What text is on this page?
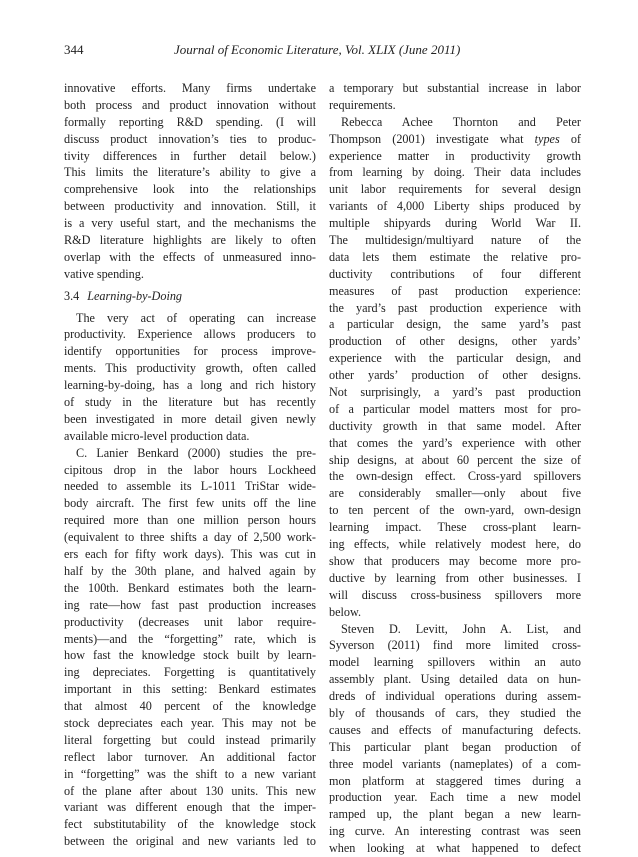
344	Journal of Economic Literature, Vol. XLIX (June 2011)
innovative efforts. Many firms undertake
both process and product innovation without
formally reporting R&D spending. (I will
discuss product innovation’s ties to produc-
tivity differences in further detail below.)
This limits the literature’s ability to give a
comprehensive look into the relationships
between productivity and innovation. Still, it
is a very useful start, and the mechanisms the
R&D literature highlights are likely to often
overlap with the effects of unmeasured inno-
vative spending.
3.4 Learning-by-Doing
The very act of operating can increase
productivity. Experience allows producers to
identify opportunities for process improve-
ments. This productivity growth, often called
learning-by-doing, has a long and rich history
of study in the literature but has recently
been investigated in more detail given newly
available micro-level production data.
C. Lanier Benkard (2000) studies the pre-
cipitous drop in the labor hours Lockheed
needed to assemble its L-1011 TriStar wide-
body aircraft. The first few units off the line
required more than one million person hours
(equivalent to three shifts a day of 2,500 work-
ers each for fifty work days). This was cut in
half by the 30th plane, and halved again by
the 100th. Benkard estimates both the learn-
ing rate—how fast past production increases
productivity (decreases unit labor require-
ments)—and the “forgetting” rate, which is
how fast the knowledge stock built by learn-
ing depreciates. Forgetting is quantitatively
important in this setting: Benkard estimates
that almost 40 percent of the knowledge
stock depreciates each year. This may not be
literal forgetting but could instead primarily
reflect labor turnover. An additional factor
in “forgetting” was the shift to a new variant
of the plane after about 130 units. This new
variant was different enough that the imper-
fect substitutability of the knowledge stock
between the original and new variants led to
a temporary but substantial increase in labor
requirements.
Rebecca Achee Thornton and Peter
Thompson (2001) investigate what types of
experience matter in productivity growth
from learning by doing. Their data includes
unit labor requirements for several design
variants of 4,000 Liberty ships produced by
multiple shipyards during World War II.
The multidesign/multiyard nature of the
data lets them estimate the relative pro-
ductivity contributions of four different
measures of past production experience:
the yard’s past production experience with
a particular design, the same yard’s past
production of other designs, other yards’
experience with the particular design, and
other yards’ production of other designs.
Not surprisingly, a yard’s past production
of a particular model matters most for pro-
ductivity growth in that same model. After
that comes the yard’s experience with other
ship designs, at about 60 percent the size of
the own-design effect. Cross-yard spillovers
are considerably smaller—only about five
to ten percent of the own-yard, own-design
learning impact. These cross-plant learn-
ing effects, while relatively modest here, do
show that producers may become more pro-
ductive by learning from other businesses. I
will discuss cross-business spillovers more
below.
Steven D. Levitt, John A. List, and
Syverson (2011) find more limited cross-
model learning spillovers within an auto
assembly plant. Using detailed data on hun-
dreds of individual operations during assem-
bly of thousands of cars, they studied the
causes and effects of manufacturing defects.
This particular plant began production of
three model variants (nameplates) of a com-
mon platform at staggered times during a
production year. Each time a new model
ramped up, the plant began a new learn-
ing curve. An interesting contrast was seen
when looking at what happened to defect
